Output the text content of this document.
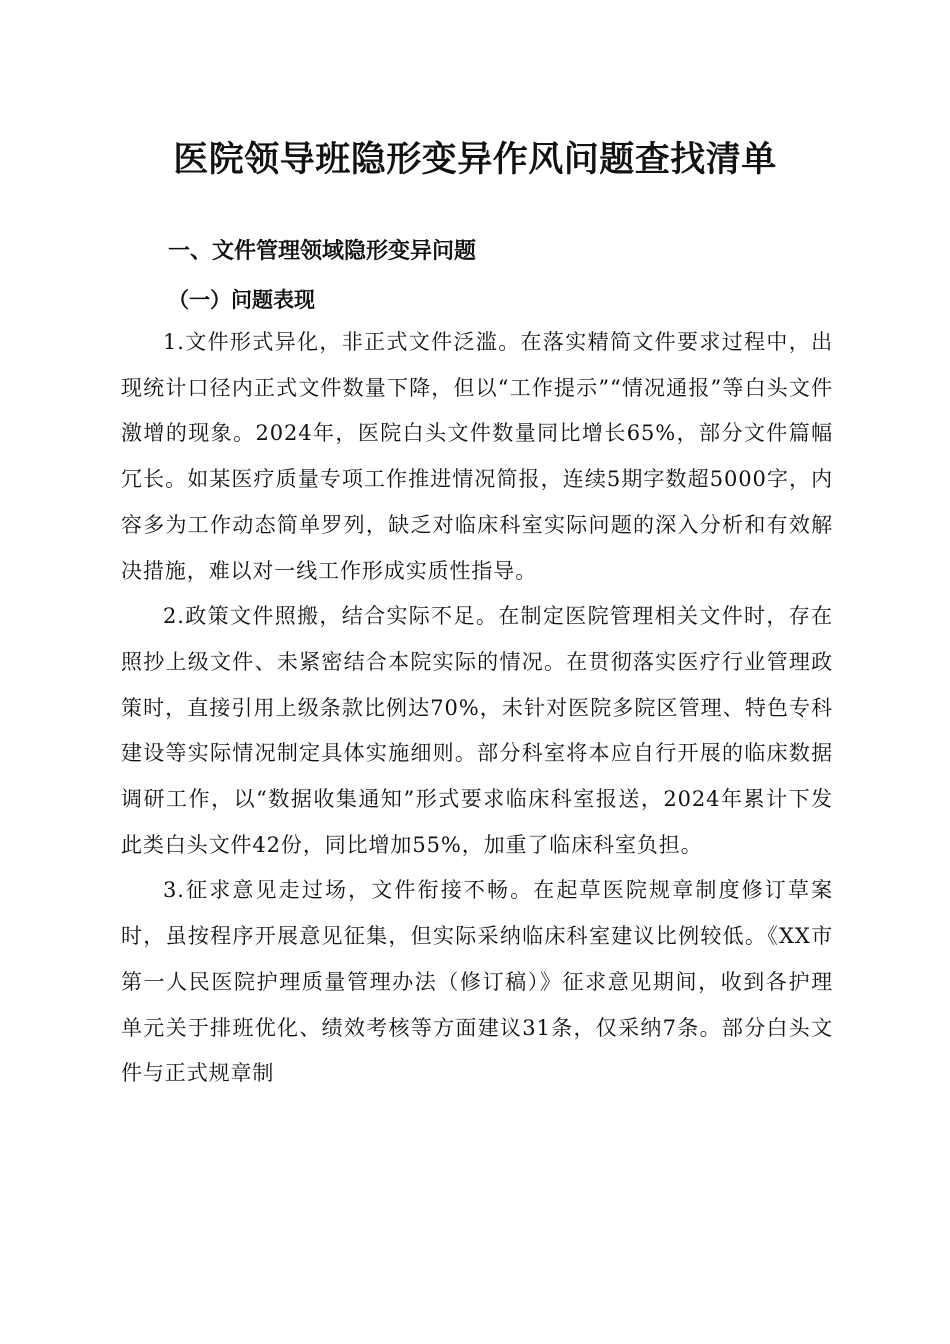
医院领导班隐形变异作风问题查找清单
一、文件管理领域隐形变异问题
（一）问题表现

1.文件形式异化，非正式文件泛滥。在落实精简文件要求过程中，出现统计口径内正式文件数量下降，但以“工作提示”“情况通报”等白头文件激增的现象。2024年，医院白头文件数量同比增长65%，部分文件篇幅冗长。如某医疗质量专项工作推进情况简报，连续5期字数超5000字，内容多为工作动态简单罗列，缺乏对临床科室实际问题的深入分析和有效解决措施，难以对一线工作形成实质性指导。

2.政策文件照搬，结合实际不足。在制定医院管理相关文件时，存在照抄上级文件、未紧密结合本院实际的情况。在贯彻落实医疗行业管理政策时，直接引用上级条款比例达70%，未针对医院多院区管理、特色专科建设等实际情况制定具体实施细则。部分科室将本应自行开展的临床数据调研工作，以“数据收集通知”形式要求临床科室报送，2024年累计下发此类白头文件42份，同比增加55%，加重了临床科室负担。

3.征求意见走过场，文件衔接不畅。在起草医院规章制度修订草案时，虽按程序开展意见征集，但实际采纳临床科室建议比例较低。《XX市第一人民医院护理质量管理办法（修订稿）》征求意见期间，收到各护理单元关于排班优化、绩效考核等方面建议31条，仅采纳7条。部分白头文件与正式规章制
